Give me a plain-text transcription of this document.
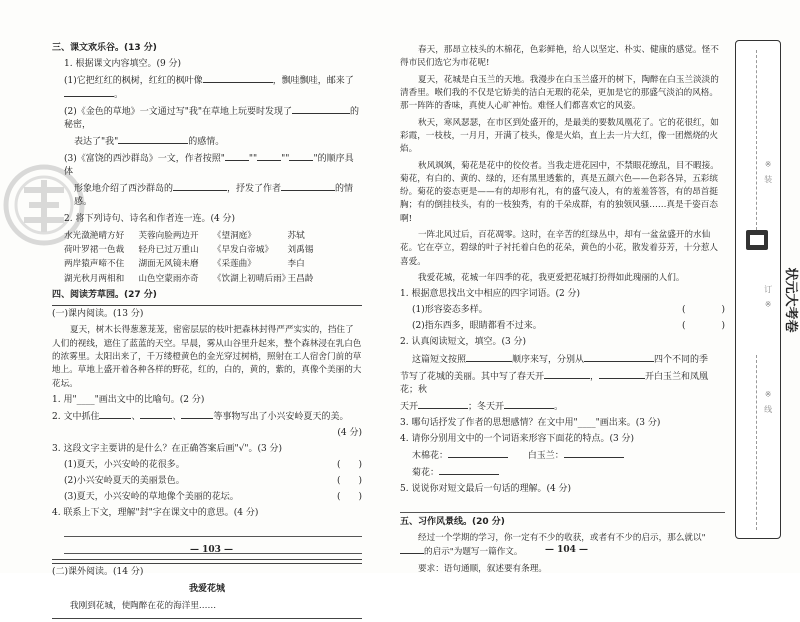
三、课文欢乐谷。(13 分)
1. 根据课文内容填空。(9 分)
(1)它把红红的枫树，红红的枫叶像	，飘哇飘哇，邮来了。
(2)《金色的草地》一文通过写"我"在草地上玩要时发现了	的秘密，
表达了"我"	的感情。
(3)《富饶的西沙群岛》一文，作者按照"	""	""	"的顺序具体
形象地介绍了西沙群岛的	，抒发了作者	的情感。
2. 将下列诗句、诗名和作者连一连。(4 分)
水光潋滟晴方好	芙蓉向脸两边开	《望洞庭》	苏轼
荷叶罗裙一色裁	轻舟已过万重山	《早发白帝城》	刘禹锡
两岸猿声啼不住	湖面无风镜未磨	《采莲曲》	李白
湖光秋月两相和	山色空蒙雨亦奇	《饮湖上初晴后雨》	王昌龄
四、阅读芳草园。(27 分)
(一)课内阅读。(13 分)
夏天，树木长得葱葱茏茏，密密层层的枝叶把森林封得严严实实的，挡住了人们的视线，遮住了蓝蓝的天空。早晨，雾从山谷里升起来，整个森林浸在乳白色的浓雾里。太阳出来了，千万缕橙黄色的金光穿过树梢，照射在工人宿舍门前的草地上。草地上盛开着各种各样的野花，红的，白的，黄的，紫的，真像个美丽的大花坛。
1. 用"____"画出文中的比喻句。(2 分)
2. 文中抓住	、	、	等事物写出了小兴安岭夏天的美。
(4 分)
3. 这段文字主要讲的是什么？在正确答案后画"√"。(3 分)
(1)夏天，小兴安岭的花很多。	(　　)
(2)小兴安岭夏天的美丽景色。	(　　)
(3)夏天，小兴安岭的草地像个美丽的花坛。	(　　)
4. 联系上下文，理解"封"字在课文中的意思。(4 分)
(二)课外阅读。(14 分)
我爱花城
我刚到花城，使陶醉在花的海洋里……
— 103 —
春天，那昂立枝头的木棉花，色彩鲜艳，给人以坚定、朴实、健康的感觉。怪不得市民们选它为市花呢!
夏天，花城是白玉兰的天地。我漫步在白玉兰盛开的树下，陶醉在白玉兰淡淡的清香里。喉们我的不仅是它娇美的洁白无瑕的花朵，更加是它的那盛气淡泊的风格。那一阵阵的香味，真使人心旷神怡。难怪人们都喜欢它的风姿。
秋天，寒风瑟瑟，在市区到处盛开的，是最美的要数凤凰花了。它的花很红，如彩霞，一枝枝，一月月，开满了枝头，像是火焰，直上去一片大红，像一团燃烧的火焰。
秋风飒飒，菊花是花中的佼佼者。当我走进花园中，不禁眼花缭乱，目不暇接。菊花，有白的、黄的、绿的，还有黑里透紫的，真是五颜六色——色彩各异，五彩缤纷。菊花的姿态更是——有的却形有礼，有的盛气凌人，有的羞羞答答，有的昂首挺胸；有的倒挂枝头，有的一枝独秀，有的千朵成群，有的独领风骚……真是千姿百态啊!
一阵北风过后，百花凋零。这时，在辛苦的红绿丛中，却有一盆盆盛开的水仙花。它在亭立，碧绿的叶子衬托着白色的花朵，黄色的小花，散发着芬芳，十分惹人喜爱。
我爱花城，花城一年四季的花，我更爱把花城打扮得如此瑰丽的人们。
1. 根据意思找出文中相应的四字词语。(2 分)
(1)形容姿态多样。	(　　　　)
(2)指东西多，眼睛都看不过来。	(　　　　)
2. 认真阅读短文，填空。(3 分)
这篇短文按照	顺序来写，分别从	四个不同的季
节写了花城的美丽。其中写了春天开	，	开白玉兰和凤凰花；秋
天开	；冬天开	。
3. 哪句话抒发了作者的思想感情？在文中用"____"画出来。(3 分)
4. 请你分别用文中的一个词语来形容下面花的特点。(3 分)
木棉花：	白玉兰：
菊花：
5. 说说你对短文最后一句话的理解。(4 分)
五、习作风景线。(20 分)
经过一个学期的学习，你一定有不少的收获，或者有不少的启示，那么就以"的启示"为题写一篇作文。
要求：语句通顺，叙述要有条理。
— 104 —
※
※
※
装
订
线
状元大考卷
